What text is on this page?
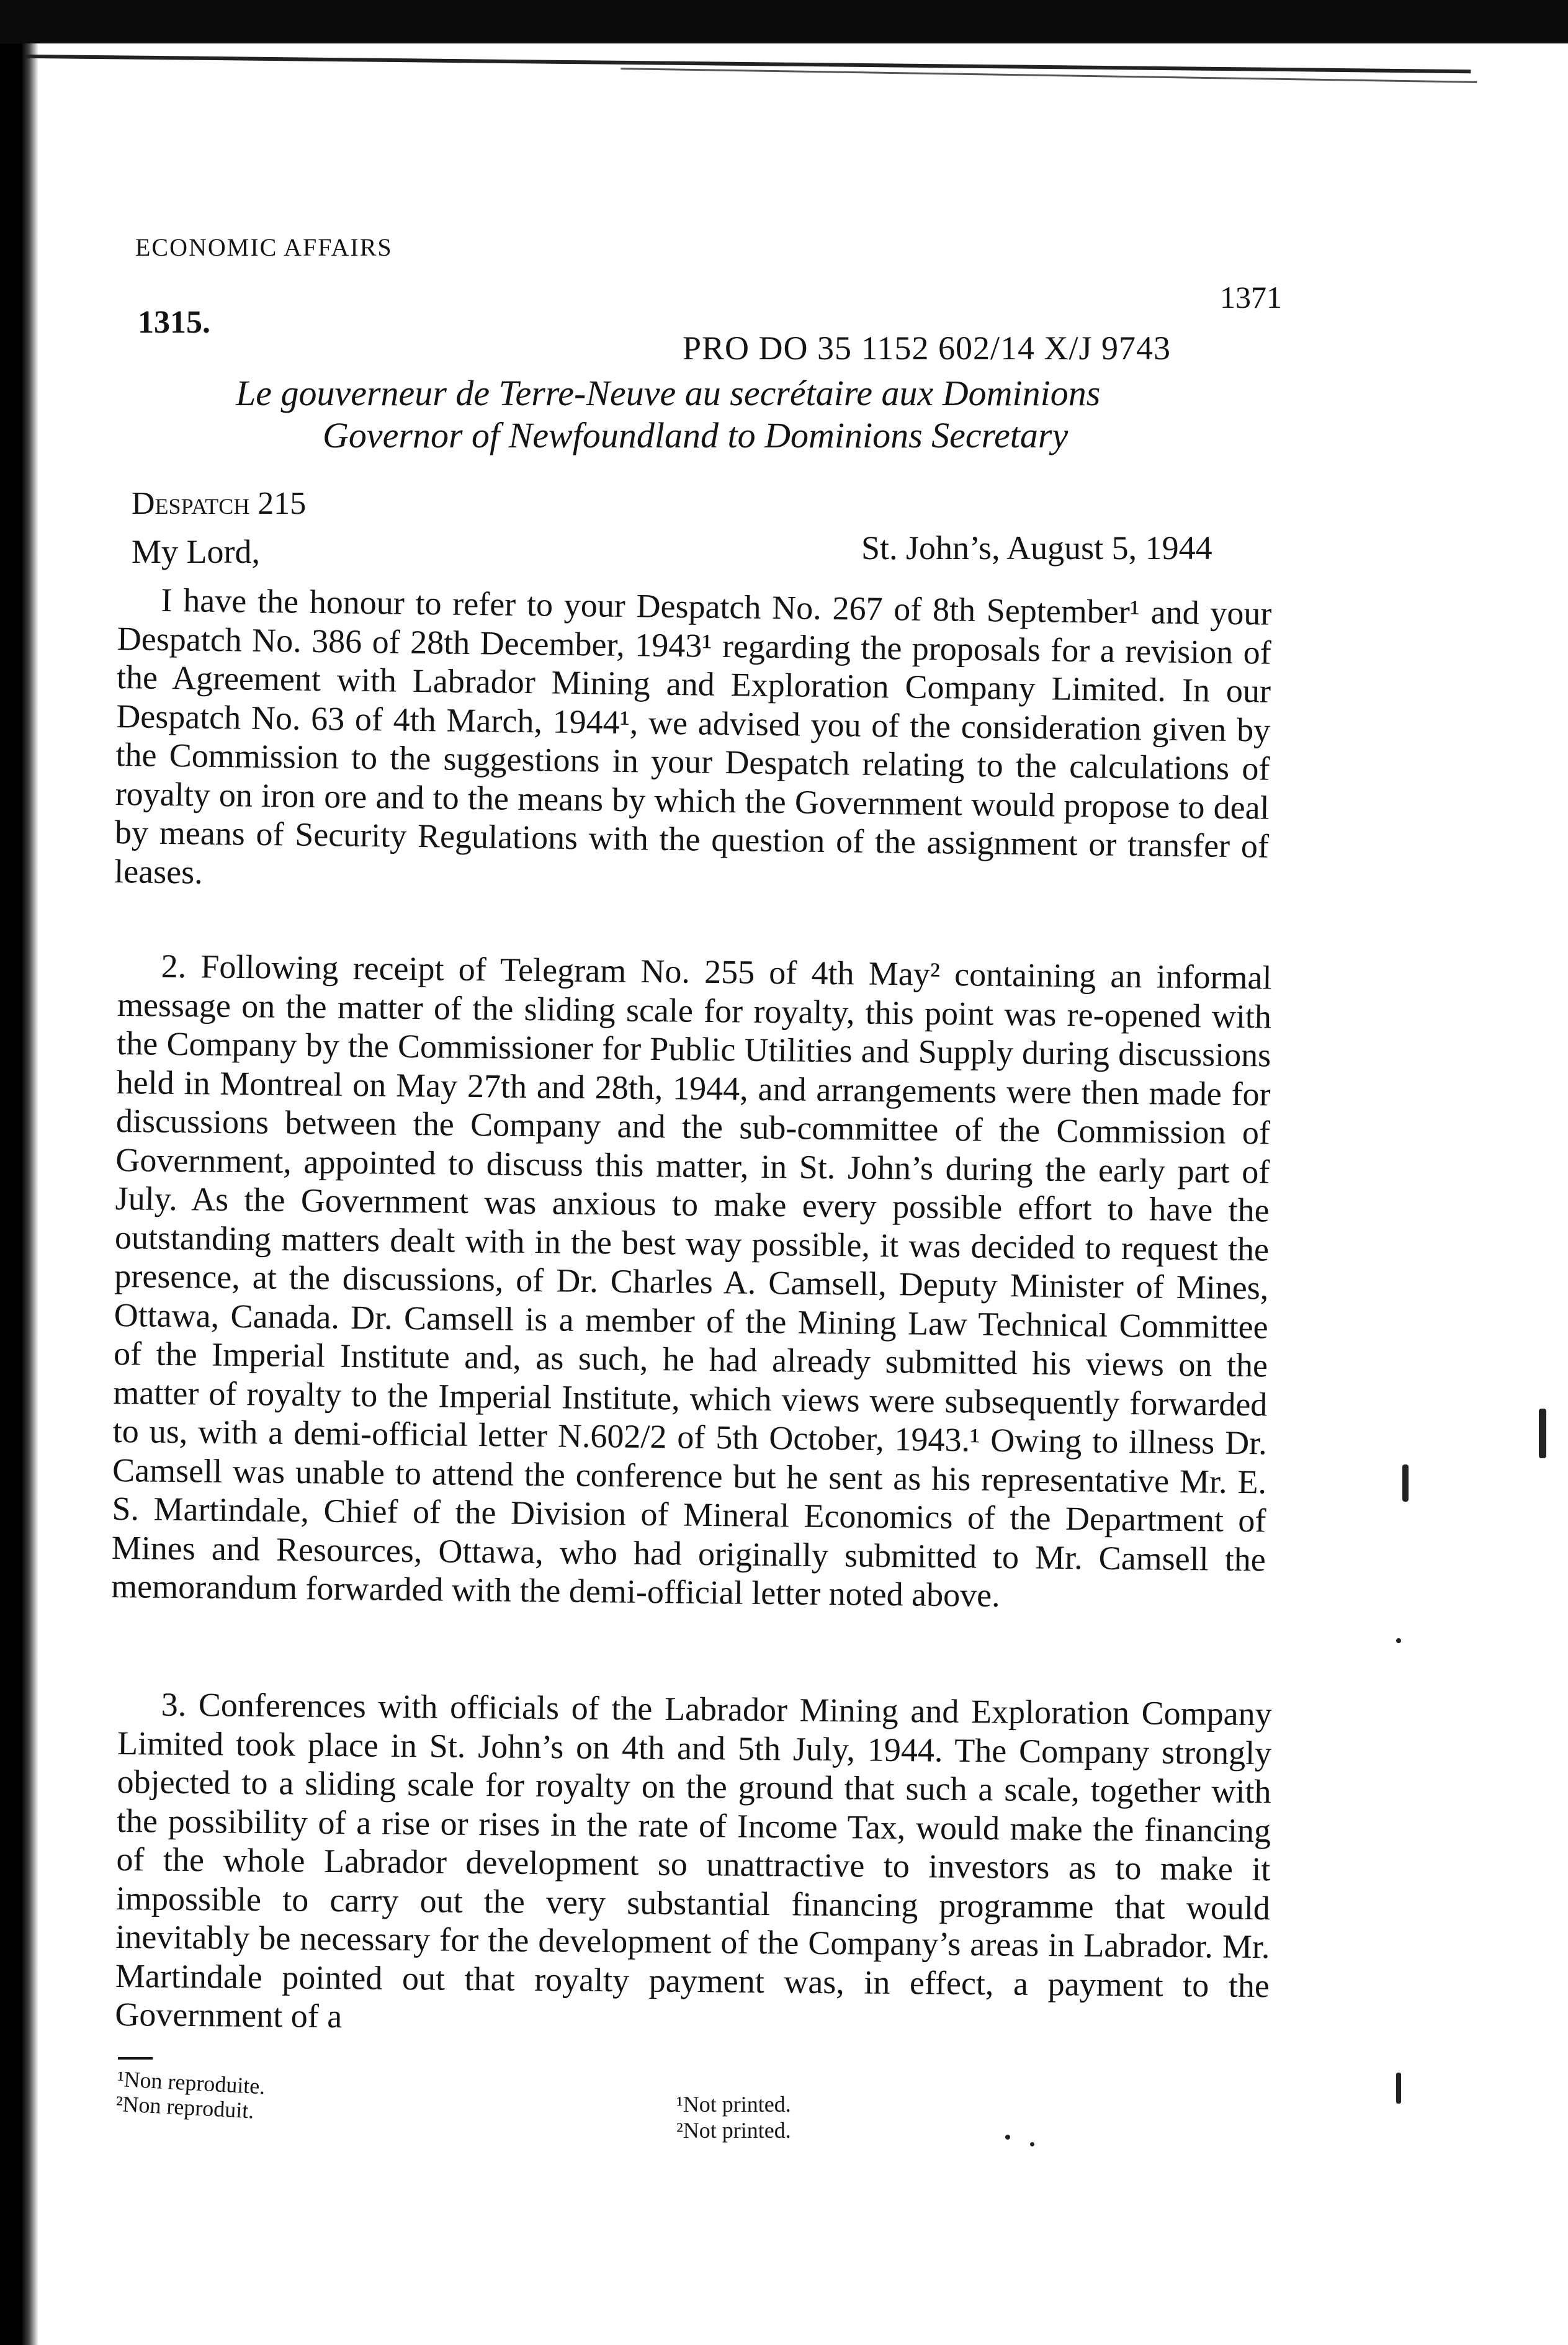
ECONOMIC AFFAIRS
1371
1315.
PRO DO 35 1152 602/14 X/J 9743
Le gouverneur de Terre-Neuve au secrétaire aux Dominions
Governor of Newfoundland to Dominions Secretary
Despatch 215
My Lord,	St. John’s, August 5, 1944
I have the honour to refer to your Despatch No. 267 of 8th September¹ and your Despatch No. 386 of 28th December, 1943¹ regarding the proposals for a revision of the Agreement with Labrador Mining and Exploration Company Limited. In our Despatch No. 63 of 4th March, 1944¹, we advised you of the consideration given by the Commission to the suggestions in your Despatch relating to the calculations of royalty on iron ore and to the means by which the Government would propose to deal by means of Security Regulations with the question of the assignment or transfer of leases.
2. Following receipt of Telegram No. 255 of 4th May² containing an informal message on the matter of the sliding scale for royalty, this point was re-opened with the Company by the Commissioner for Public Utilities and Supply during discussions held in Montreal on May 27th and 28th, 1944, and arrangements were then made for discussions between the Company and the sub-committee of the Commission of Government, appointed to discuss this matter, in St. John’s during the early part of July. As the Government was anxious to make every possible effort to have the outstanding matters dealt with in the best way possible, it was decided to request the presence, at the discussions, of Dr. Charles A. Camsell, Deputy Minister of Mines, Ottawa, Canada. Dr. Camsell is a member of the Mining Law Technical Committee of the Imperial Institute and, as such, he had already submitted his views on the matter of royalty to the Imperial Institute, which views were subsequently forwarded to us, with a demi-official letter N.602/2 of 5th October, 1943.¹ Owing to illness Dr. Camsell was unable to attend the conference but he sent as his representative Mr. E. S. Martindale, Chief of the Division of Mineral Economics of the Department of Mines and Resources, Ottawa, who had originally submitted to Mr. Camsell the memorandum forwarded with the demi-official letter noted above.
3. Conferences with officials of the Labrador Mining and Exploration Company Limited took place in St. John’s on 4th and 5th July, 1944. The Company strongly objected to a sliding scale for royalty on the ground that such a scale, together with the possibility of a rise or rises in the rate of Income Tax, would make the financing of the whole Labrador development so unattractive to investors as to make it impossible to carry out the very substantial financing programme that would inevitably be necessary for the development of the Company’s areas in Labrador. Mr. Martindale pointed out that royalty payment was, in effect, a payment to the Government of a
¹Non reproduite.
²Non reproduit.	¹Not printed.
²Not printed.
